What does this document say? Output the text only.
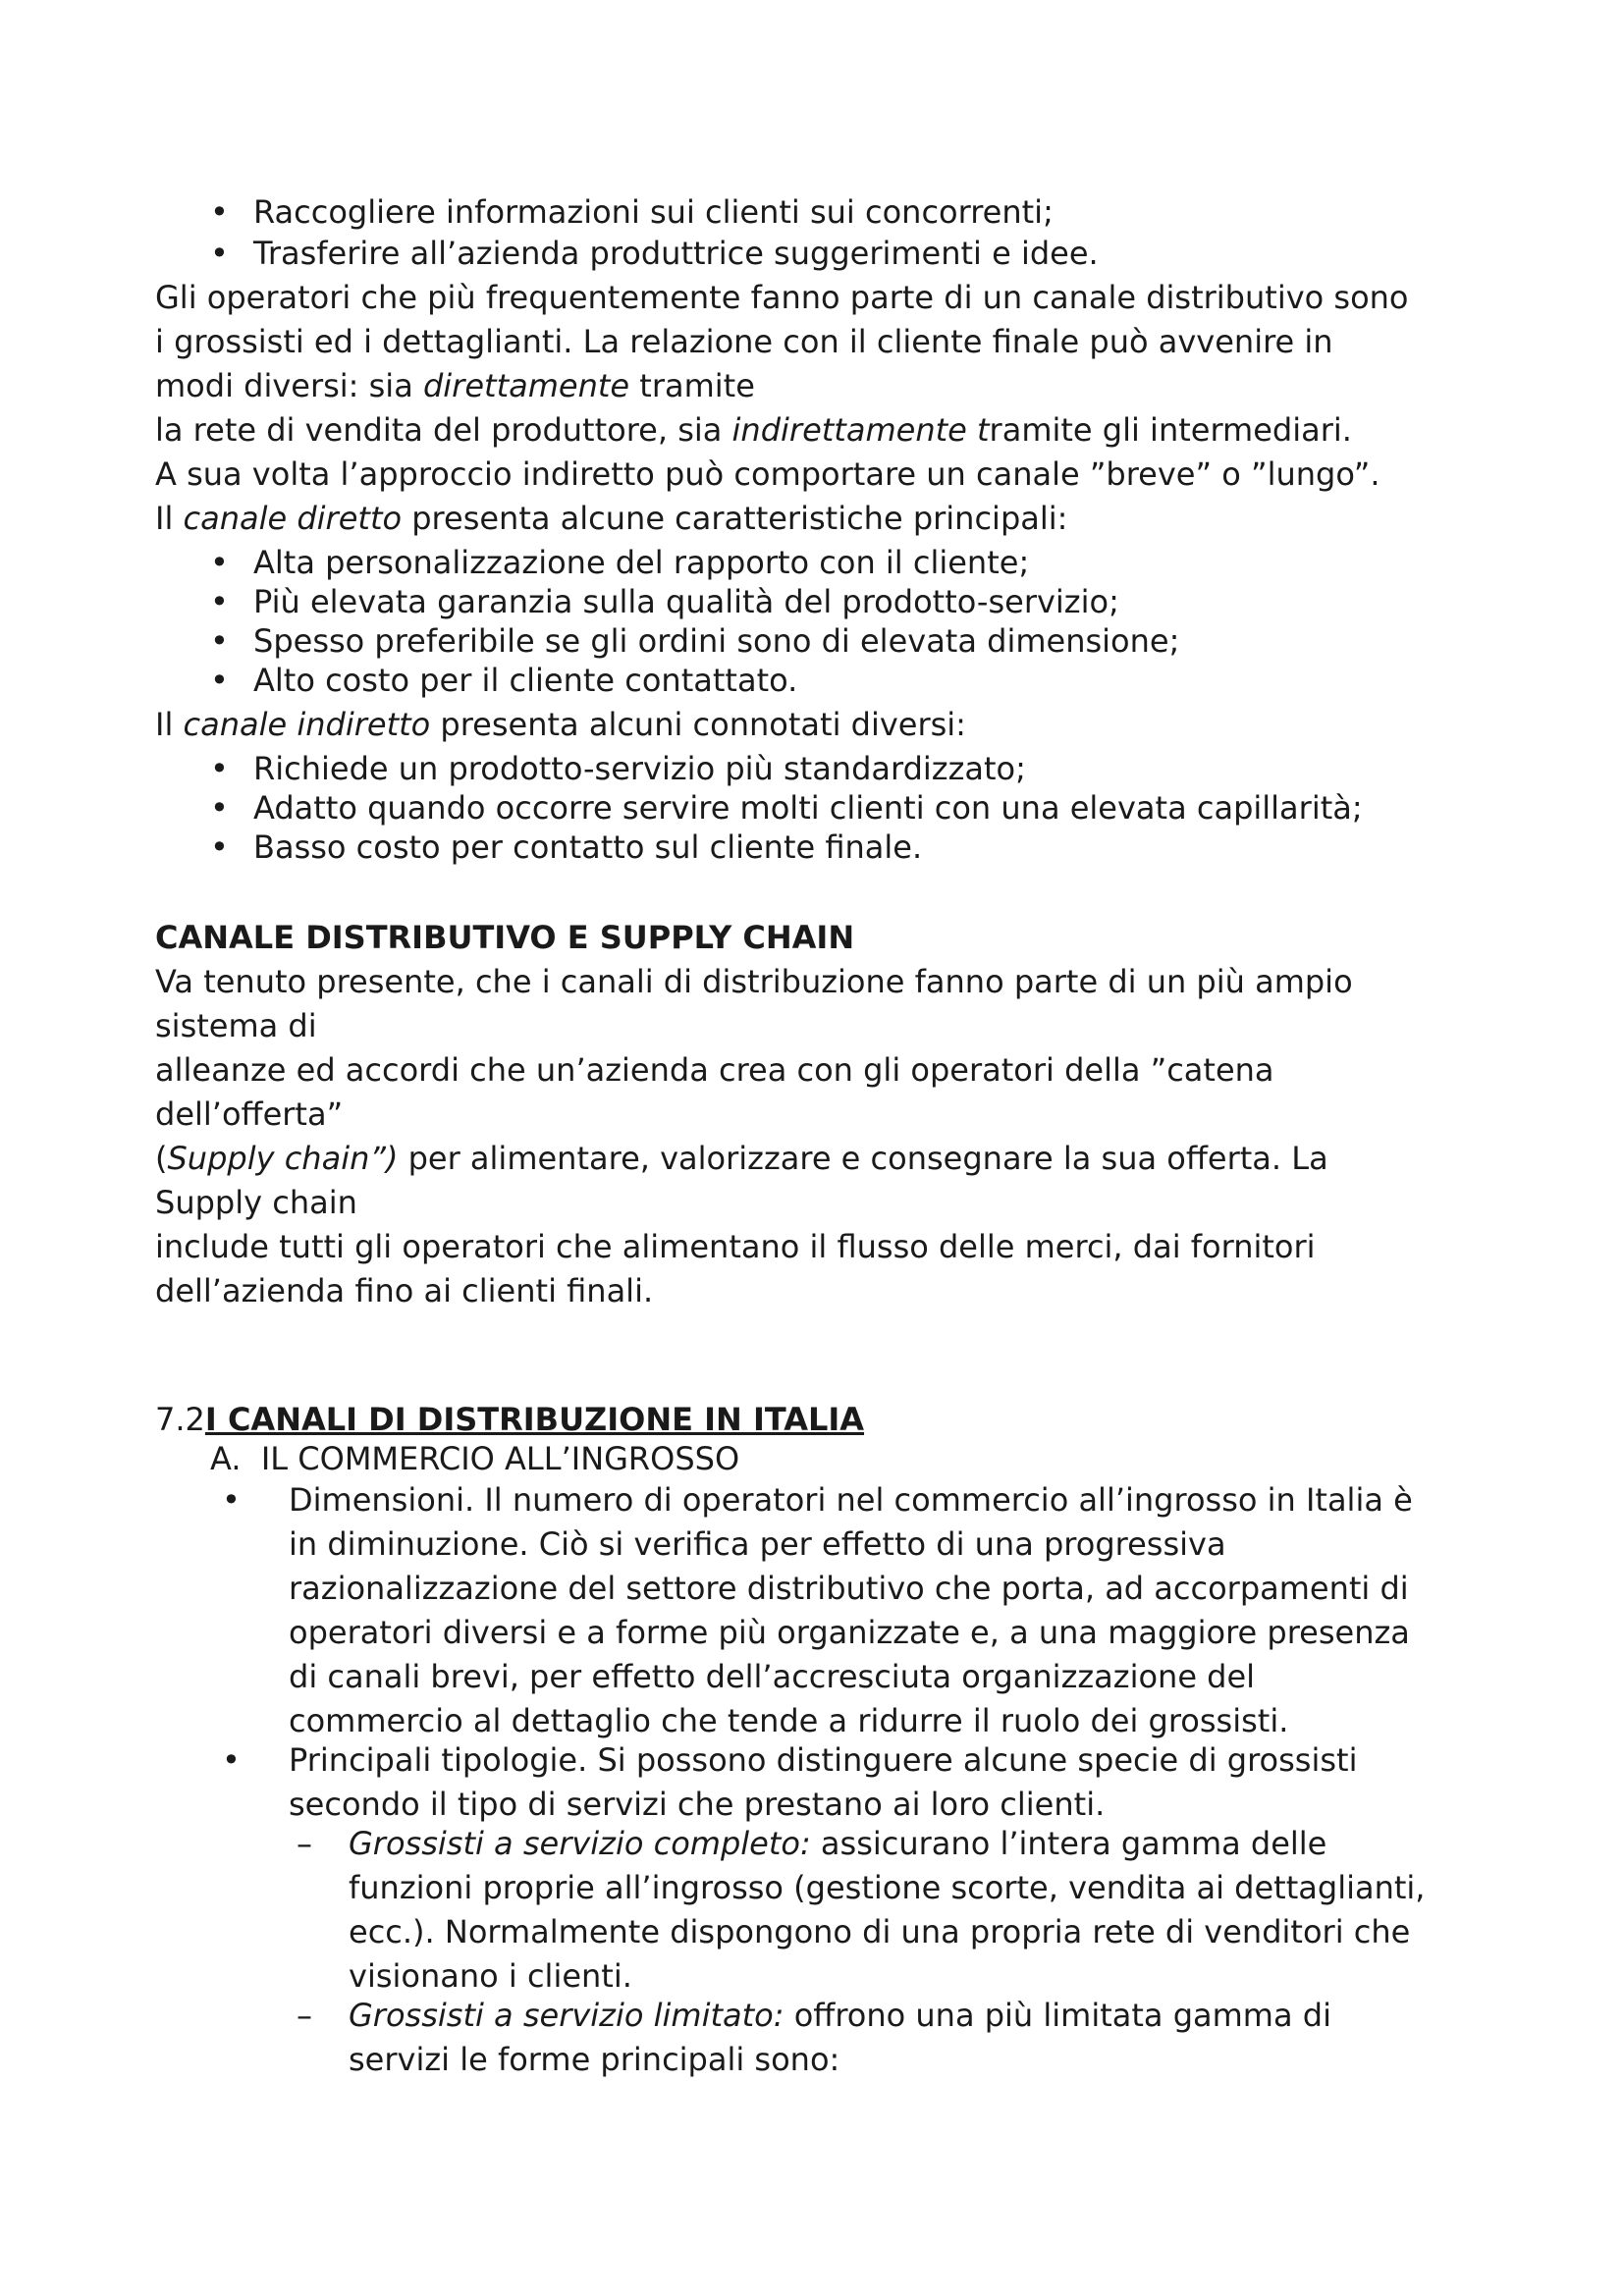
• Raccogliere informazioni sui clienti sui concorrenti;
• Trasferire all’azienda produttrice suggerimenti e idee.
Gli operatori che più frequentemente fanno parte di un canale distributivo sono
i grossisti ed i dettaglianti. La relazione con il cliente finale può avvenire in
modi diversi: sia direttamente tramite
la rete di vendita del produttore, sia indirettamente tramite gli intermediari.
A sua volta l’approccio indiretto può comportare un canale ”breve” o ”lungo”.
Il canale diretto presenta alcune caratteristiche principali:
• Alta personalizzazione del rapporto con il cliente;
• Più elevata garanzia sulla qualità del prodotto-servizio;
• Spesso preferibile se gli ordini sono di elevata dimensione;
• Alto costo per il cliente contattato.
Il canale indiretto presenta alcuni connotati diversi:
• Richiede un prodotto-servizio più standardizzato;
• Adatto quando occorre servire molti clienti con una elevata capillarità;
• Basso costo per contatto sul cliente finale.
CANALE DISTRIBUTIVO E SUPPLY CHAIN
Va tenuto presente, che i canali di distribuzione fanno parte di un più ampio
sistema di
alleanze ed accordi che un’azienda crea con gli operatori della ”catena
dell’offerta”
(Supply chain”) per alimentare, valorizzare e consegnare la sua offerta. La
Supply chain
include tutti gli operatori che alimentano il flusso delle merci, dai fornitori
dell’azienda fino ai clienti finali.
7.2I CANALI DI DISTRIBUZIONE IN ITALIA
A. IL COMMERCIO ALL’INGROSSO
• Dimensioni. Il numero di operatori nel commercio all’ingrosso in Italia è
in diminuzione. Ciò si verifica per effetto di una progressiva
razionalizzazione del settore distributivo che porta, ad accorpamenti di
operatori diversi e a forme più organizzate e, a una maggiore presenza
di canali brevi, per effetto dell’accresciuta organizzazione del
commercio al dettaglio che tende a ridurre il ruolo dei grossisti.
• Principali tipologie. Si possono distinguere alcune specie di grossisti
secondo il tipo di servizi che prestano ai loro clienti.
– Grossisti a servizio completo: assicurano l’intera gamma delle
funzioni proprie all’ingrosso (gestione scorte, vendita ai dettaglianti,
ecc.). Normalmente dispongono di una propria rete di venditori che
visionano i clienti.
– Grossisti a servizio limitato: offrono una più limitata gamma di
servizi le forme principali sono:
